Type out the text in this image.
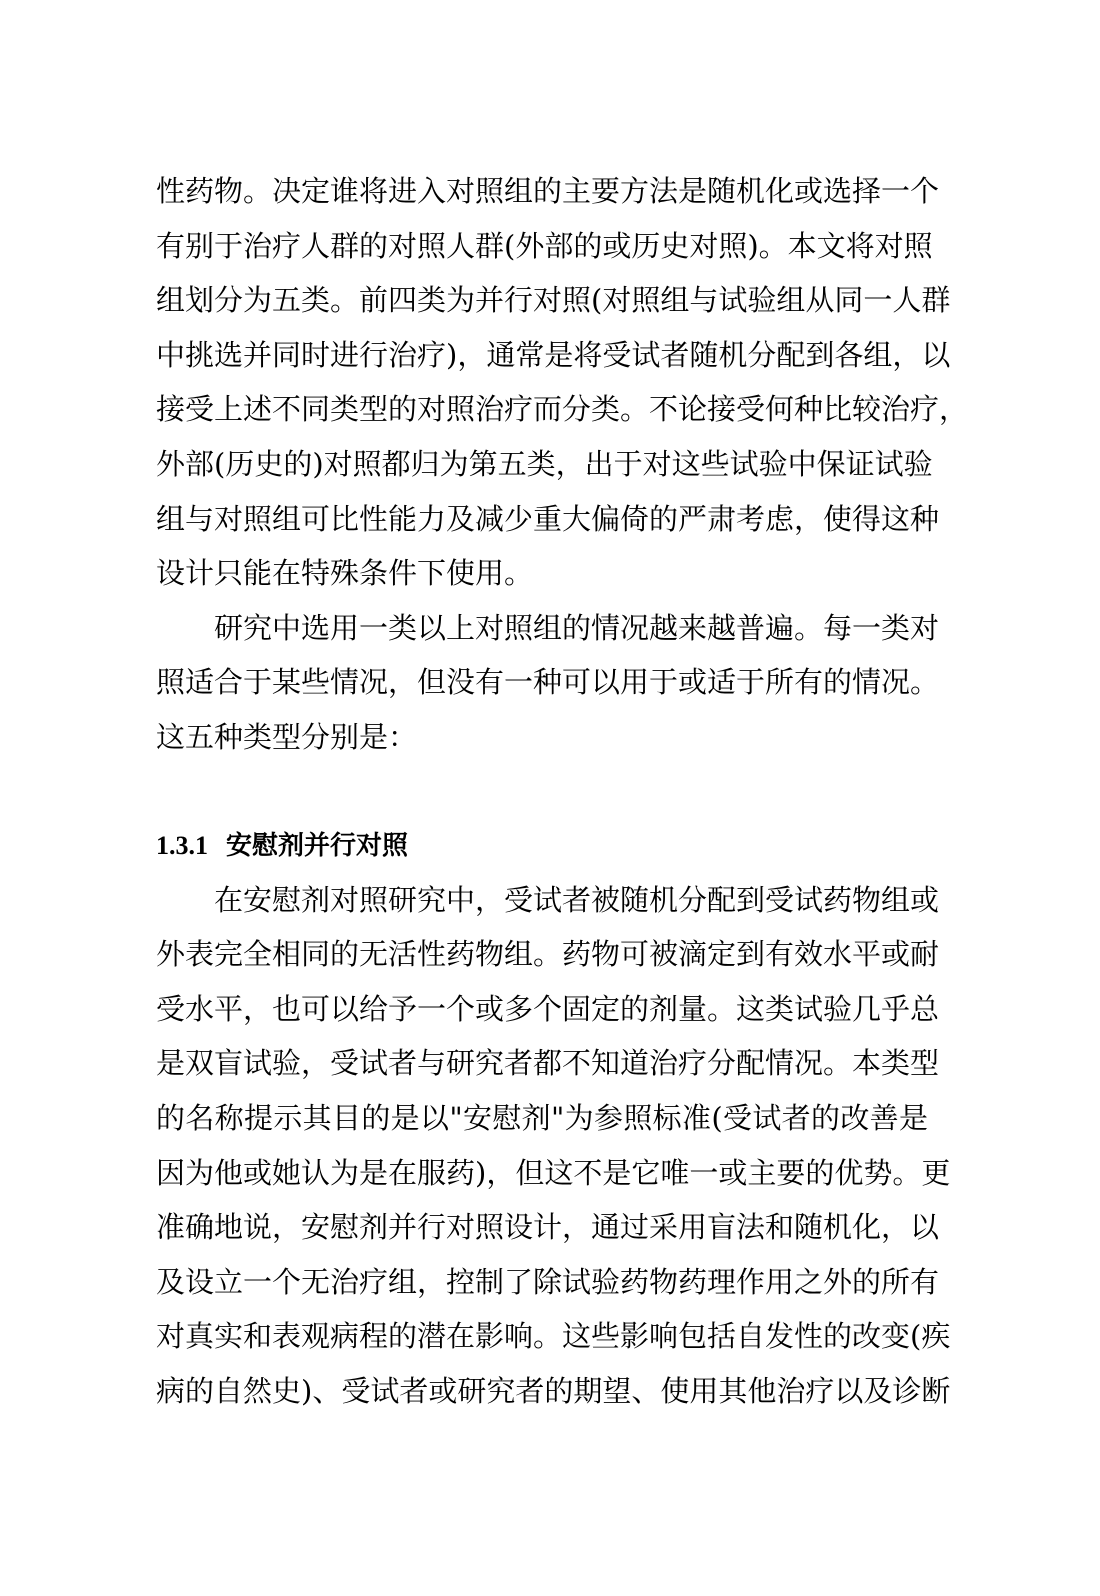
性药物。决定谁将进入对照组的主要方法是随机化或选择一个
有别于治疗人群的对照人群(外部的或历史对照)。本文将对照
组划分为五类。前四类为并行对照(对照组与试验组从同一人群
中挑选并同时进行治疗)，通常是将受试者随机分配到各组，以
接受上述不同类型的对照治疗而分类。不论接受何种比较治疗，
外部(历史的)对照都归为第五类，出于对这些试验中保证试验
组与对照组可比性能力及减少重大偏倚的严肃考虑，使得这种
设计只能在特殊条件下使用。

研究中选用一类以上对照组的情况越来越普遍。每一类对
照适合于某些情况，但没有一种可以用于或适于所有的情况。
这五种类型分别是：

1.3.1 安慰剂并行对照

在安慰剂对照研究中，受试者被随机分配到受试药物组或
外表完全相同的无活性药物组。药物可被滴定到有效水平或耐
受水平，也可以给予一个或多个固定的剂量。这类试验几乎总
是双盲试验，受试者与研究者都不知道治疗分配情况。本类型
的名称提示其目的是以"安慰剂"为参照标准(受试者的改善是
因为他或她认为是在服药)，但这不是它唯一或主要的优势。更
准确地说，安慰剂并行对照设计，通过采用盲法和随机化，以
及设立一个无治疗组，控制了除试验药物药理作用之外的所有
对真实和表观病程的潜在影响。这些影响包括自发性的改变(疾
病的自然史)、受试者或研究者的期望、使用其他治疗以及诊断
